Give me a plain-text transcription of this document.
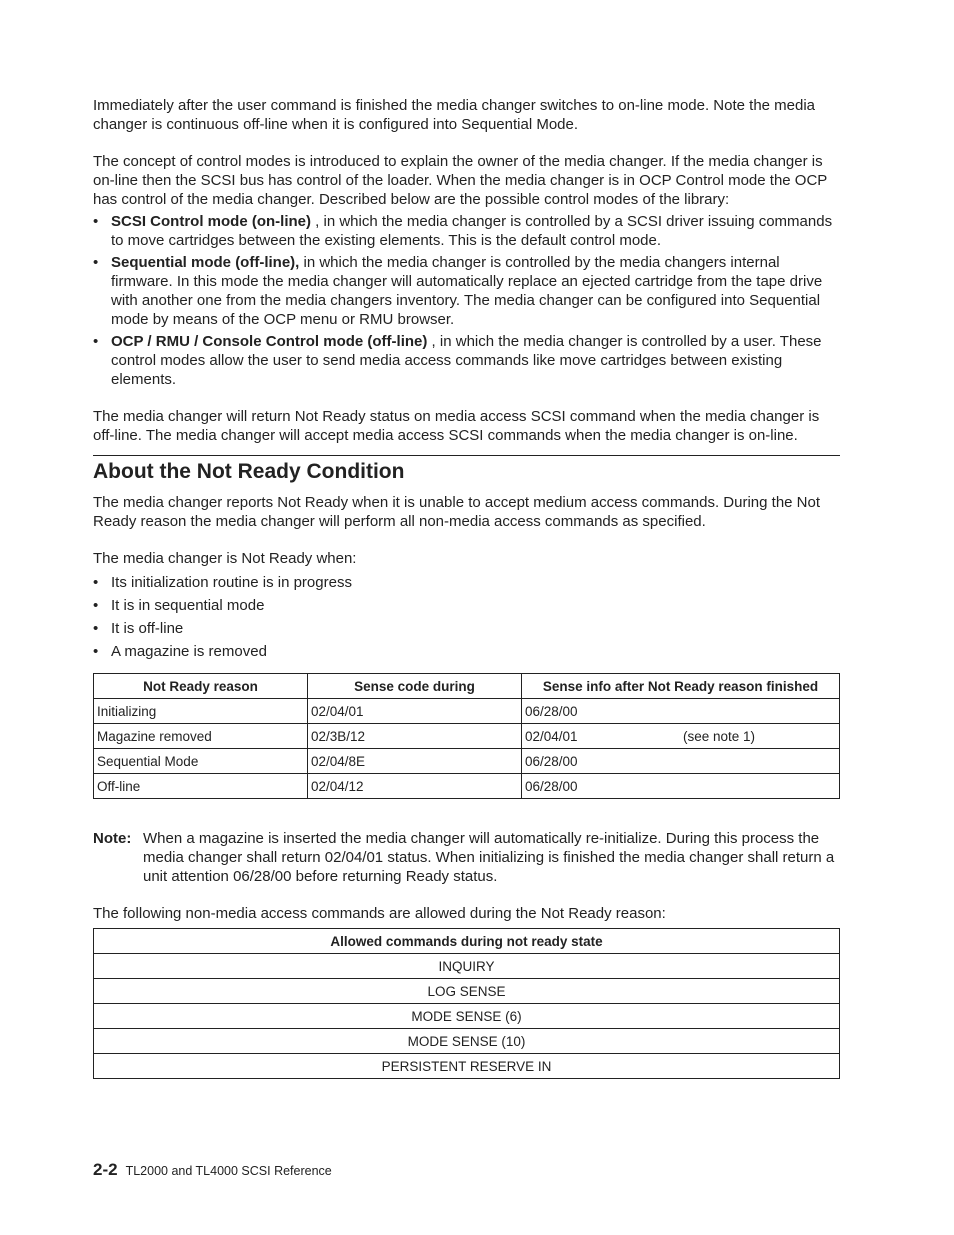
Immediately after the user command is finished the media changer switches to on-line mode. Note the media changer is continuous off-line when it is configured into Sequential Mode.

The concept of control modes is introduced to explain the owner of the media changer. If the media changer is on-line then the SCSI bus has control of the loader. When the media changer is in OCP Control mode the OCP has control of the media changer. Described below are the possible control modes of the library:

• SCSI Control mode (on-line) , in which the media changer is controlled by a SCSI driver issuing commands to move cartridges between the existing elements. This is the default control mode.
• Sequential mode (off-line), in which the media changer is controlled by the media changers internal firmware. In this mode the media changer will automatically replace an ejected cartridge from the tape drive with another one from the media changers inventory. The media changer can be configured into Sequential mode by means of the OCP menu or RMU browser.
• OCP / RMU / Console Control mode (off-line) , in which the media changer is controlled by a user. These control modes allow the user to send media access commands like move cartridges between existing elements.

The media changer will return Not Ready status on media access SCSI command when the media changer is off-line. The media changer will accept media access SCSI commands when the media changer is on-line.

About the Not Ready Condition

The media changer reports Not Ready when it is unable to accept medium access commands. During the Not Ready reason the media changer will perform all non-media access commands as specified.

The media changer is Not Ready when:

• Its initialization routine is in progress
• It is in sequential mode
• It is off-line
• A magazine is removed
Not Ready reason	Sense code during	Sense info after Not Ready reason finished
Initializing	02/04/01	06/28/00
Magazine removed	02/3B/12	02/04/01 (see note 1)
Sequential Mode	02/04/8E	06/28/00
Off-line	02/04/12	06/28/00
Note: When a magazine is inserted the media changer will automatically re-initialize. During this process the media changer shall return 02/04/01 status. When initializing is finished the media changer shall return a unit attention 06/28/00 before returning Ready status.

The following non-media access commands are allowed during the Not Ready reason:

Allowed commands during not ready state
INQUIRY
LOG SENSE
MODE SENSE (6)
MODE SENSE (10)
PERSISTENT RESERVE IN
2-2 TL2000 and TL4000 SCSI Reference
